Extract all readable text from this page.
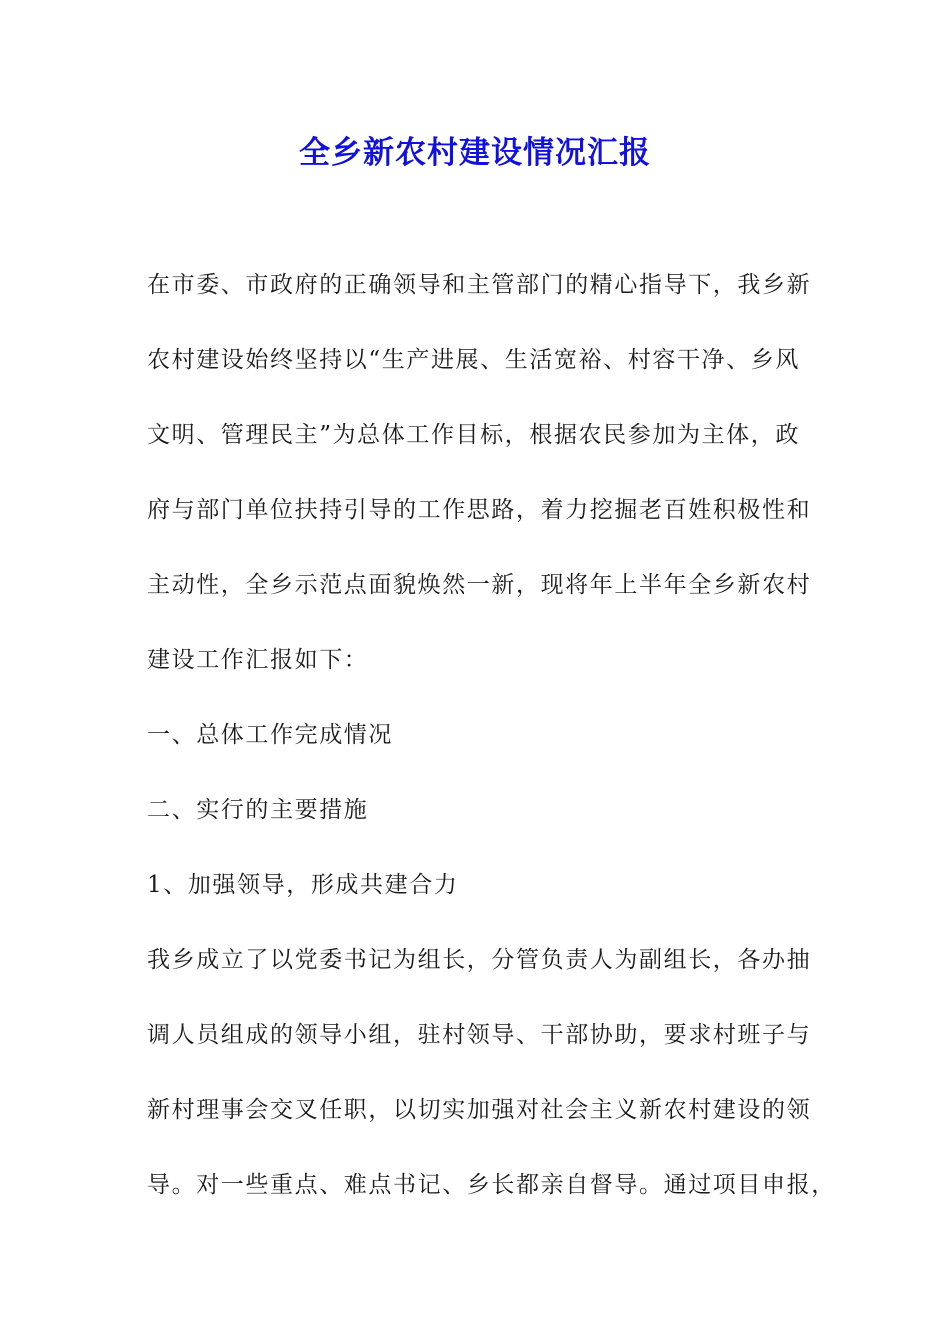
全乡新农村建设情况汇报
在市委、市政府的正确领导和主管部门的精心指导下，我乡新
农村建设始终坚持以“生产进展、生活宽裕、村容干净、乡风
文明、管理民主”为总体工作目标，根据农民参加为主体，政
府与部门单位扶持引导的工作思路，着力挖掘老百姓积极性和
主动性，全乡示范点面貌焕然一新，现将年上半年全乡新农村
建设工作汇报如下：
一、总体工作完成情况
二、实行的主要措施
1、加强领导，形成共建合力
我乡成立了以党委书记为组长，分管负责人为副组长，各办抽
调人员组成的领导小组，驻村领导、干部协助，要求村班子与
新村理事会交叉任职，以切实加强对社会主义新农村建设的领
导。对一些重点、难点书记、乡长都亲自督导。通过项目申报，
